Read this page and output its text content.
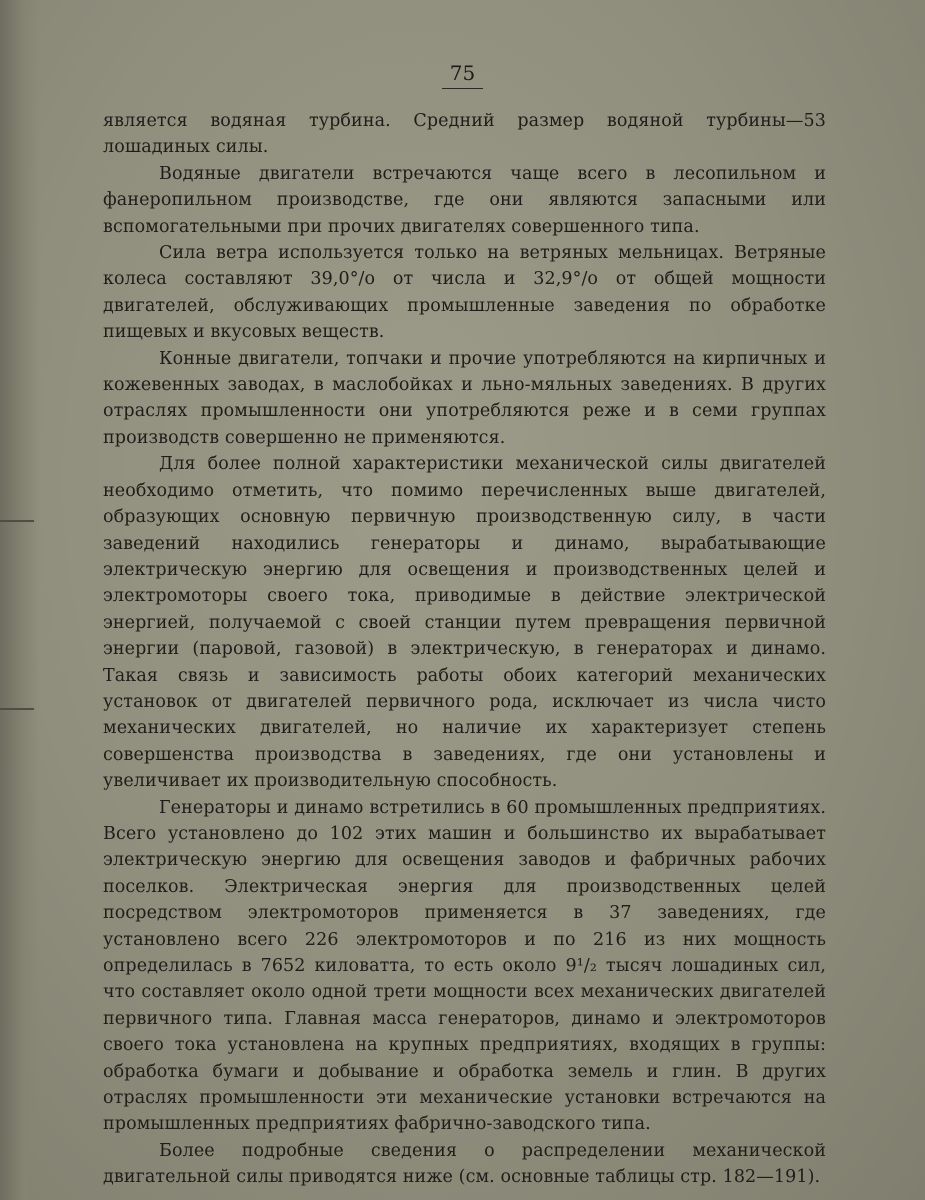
75

является водяная турбина. Средний размер водяной турбины—53 лошадиных силы.

Водяные двигатели встречаются чаще всего в лесопильном и фанеропильном производстве, где они являются запасными или вспомогательными при прочих двигателях совершенного типа.

Сила ветра используется только на ветряных мельницах. Ветряные колеса составляют 39,0°/o от числа и 32,9°/o от общей мощности двигателей, обслуживающих промышленные заведения по обработке пищевых и вкусовых веществ.

Конные двигатели, топчаки и прочие употребляются на кирпичных и кожевенных заводах, в маслобойках и льно-мяльных заведениях. В других отраслях промышленности они употребляются реже и в семи группах производств совершенно не применяются.

Для более полной характеристики механической силы двигателей необходимо отметить, что помимо перечисленных выше двигателей, образующих основную первичную производственную силу, в части заведений находились генераторы и динамо, вырабатывающие электрическую энергию для освещения и производственных целей и электромоторы своего тока, приводимые в действие электрической энергией, получаемой с своей станции путем превращения первичной энергии (паровой, газовой) в электрическую, в генераторах и динамо. Такая связь и зависимость работы обоих категорий механических установок от двигателей первичного рода, исключает из числа чисто механических двигателей, но наличие их характеризует степень совершенства производства в заведениях, где они установлены и увеличивает их производительную способность.

Генераторы и динамо встретились в 60 промышленных предприятиях. Всего установлено до 102 этих машин и большинство их вырабатывает электрическую энергию для освещения заводов и фабричных рабочих поселков. Электрическая энергия для производственных целей посредством электромоторов применяется в 37 заведениях, где установлено всего 226 электромоторов и по 216 из них мощность определилась в 7652 киловатта, то есть около 9¹/₂ тысяч лошадиных сил, что составляет около одной трети мощности всех механических двигателей первичного типа. Главная масса генераторов, динамо и электромоторов своего тока установлена на крупных предприятиях, входящих в группы: обработка бумаги и добывание и обработка земель и глин. В других отраслях промышленности эти механические установки встречаются на промышленных предприятиях фабрично-заводского типа.

Более подробные сведения о распределении механической двигательной силы приводятся ниже (см. основные таблицы стр. 182—191).
